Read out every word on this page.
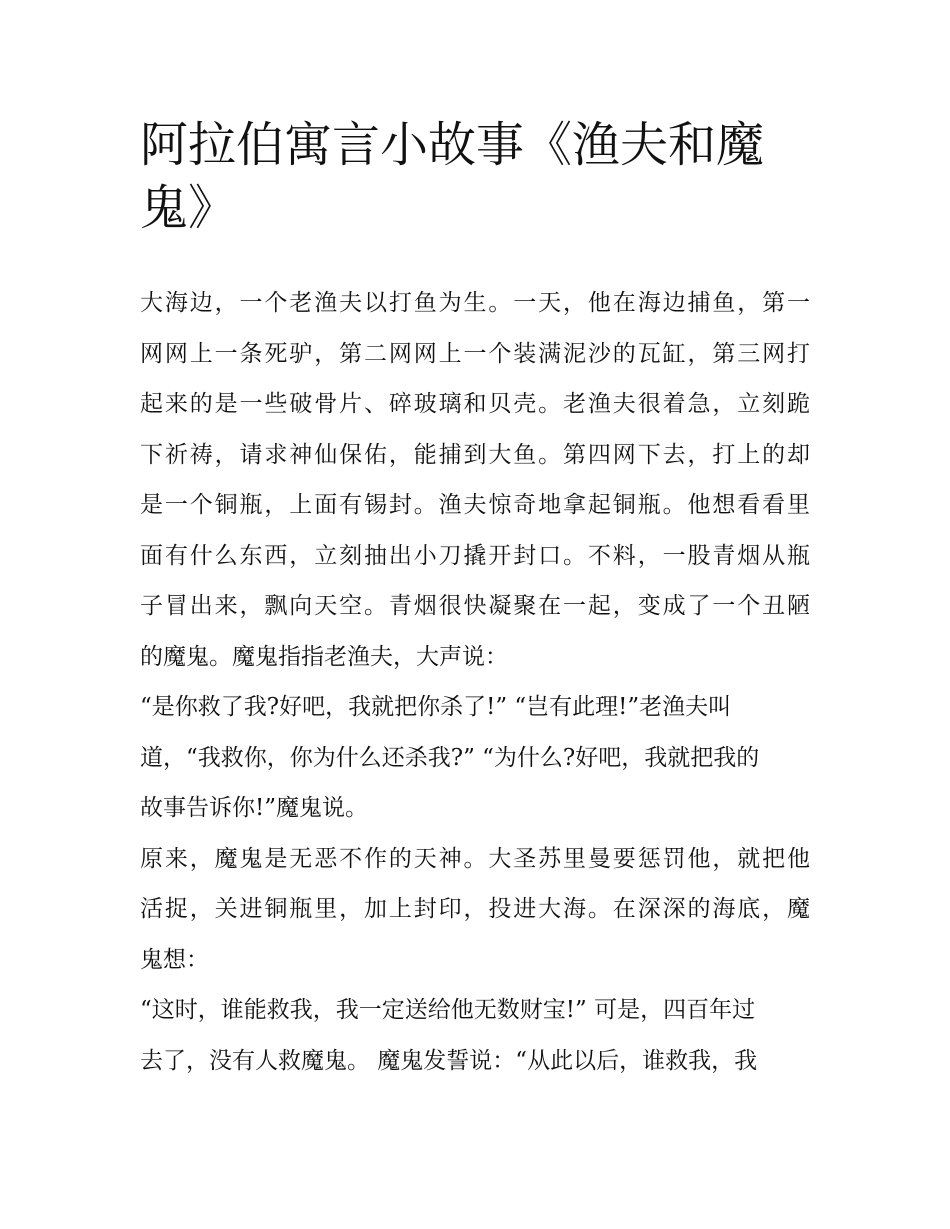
阿拉伯寓言小故事《渔夫和魔
鬼》
大海边，一个老渔夫以打鱼为生。一天，他在海边捕鱼，第一
网网上一条死驴，第二网网上一个装满泥沙的瓦缸，第三网打
起来的是一些破骨片、碎玻璃和贝壳。老渔夫很着急，立刻跪
下祈祷，请求神仙保佑，能捕到大鱼。第四网下去，打上的却
是一个铜瓶，上面有锡封。渔夫惊奇地拿起铜瓶。他想看看里
面有什么东西，立刻抽出小刀撬开封口。不料，一股青烟从瓶
子冒出来，飘向天空。青烟很快凝聚在一起，变成了一个丑陋
的魔鬼。魔鬼指指老渔夫，大声说：
“是你救了我?好吧，我就把你杀了!” “岂有此理!”老渔夫叫
道，“我救你，你为什么还杀我?” “为什么?好吧，我就把我的
故事告诉你!”魔鬼说。
原来，魔鬼是无恶不作的天神。大圣苏里曼要惩罚他，就把他
活捉，关进铜瓶里，加上封印，投进大海。在深深的海底，魔
鬼想：
“这时，谁能救我，我一定送给他无数财宝!” 可是，四百年过
去了，没有人救魔鬼。 魔鬼发誓说：“从此以后，谁救我，我
